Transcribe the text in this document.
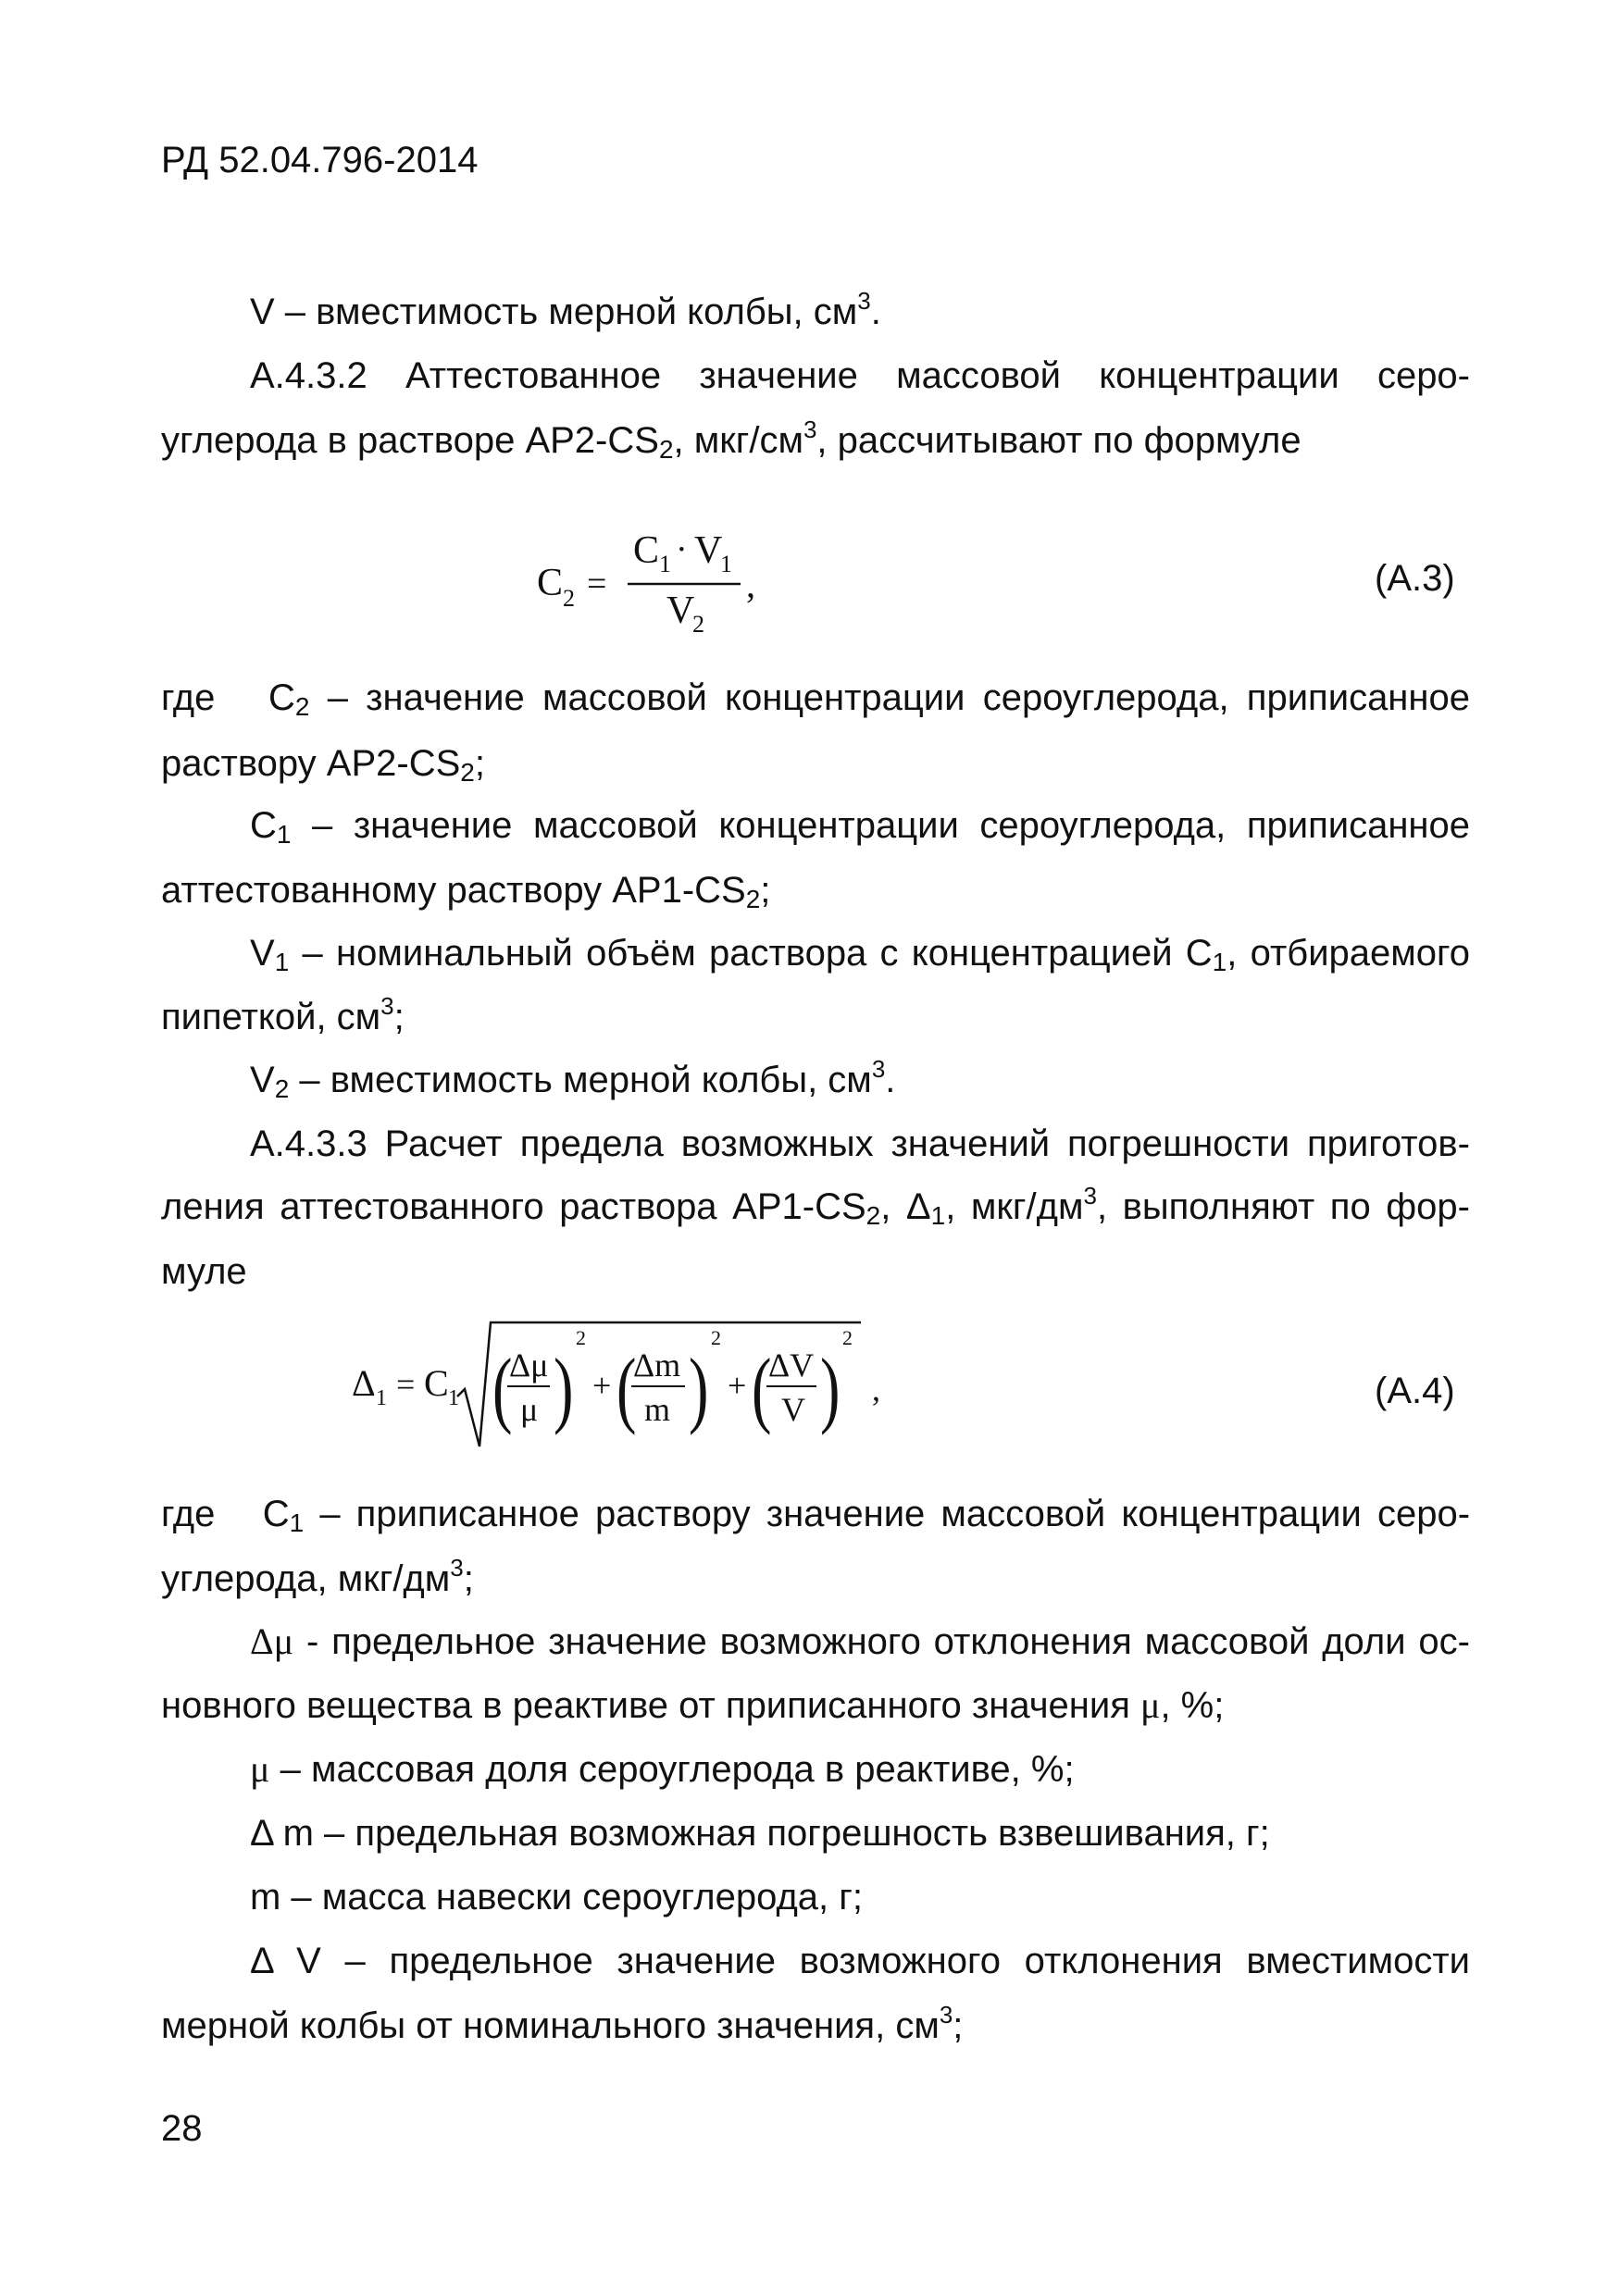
РД 52.04.796-2014

V – вместимость мерной колбы, $см^3$.

А.4.3.2 Аттестованное значение массовой концентрации серо-

углерода в растворе $АР2-CS_2$, мкг/$см^3$, рассчитывают по формуле

C 2 =
C 1 · V
1
V
2
,	(А.3)

где $C_2$ – значение массовой концентрации сероуглерода, приписанное

раствору $АР2-CS_2$;

$C_1$ – значение массовой концентрации сероуглерода, приписанное

аттестованному раствору $АР1-CS_2$;

$V_1$ – номинальный объём раствора с концентрацией $C_1$, отбираемого

пипеткой, $см^3$;

$V_2$ – вместимость мерной колбы, $см^3$.

А.4.3.3 Расчет предела возможных значений погрешности приготов-

ления аттестованного раствора $АР1-CS_2$, $\Delta_1$, мкг/$дм^3$, выполняют по фор-

муле

Δ 1 = C 1 (
Δμ
μ )
2
+ (
Δm
m )
2
+ (
ΔV
V )
2
,	(А.4)

где $C_1$ – приписанное раствору значение массовой концентрации серо-

углерода, мкг/$дм^3$;

Δμ - предельное значение возможного отклонения массовой доли ос-

новного вещества в реактиве от приписанного значения μ, %;

μ – массовая доля сероуглерода в реактиве, %;

Δ m – предельная возможная погрешность взвешивания, г;

m – масса навески сероуглерода, г;

Δ V – предельное значение возможного отклонения вместимости

мерной колбы от номинального значения, $см^3$;

28
